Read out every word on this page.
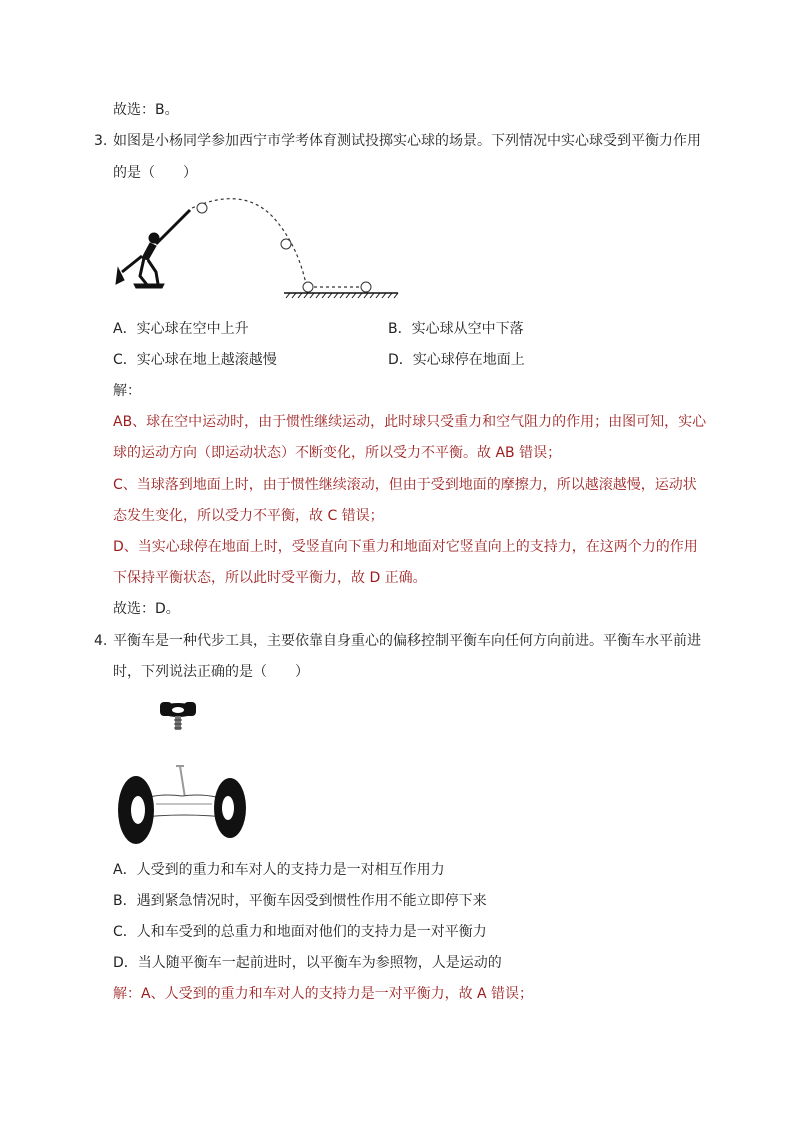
故选：B。
3. 如图是小杨同学参加西宁市学考体育测试投掷实心球的场景。下列情况中实心球受到平衡力作用
的是（　　）
A．实心球在空中上升	B．实心球从空中下落
C．实心球在地上越滚越慢	D．实心球停在地面上
解：
AB、球在空中运动时，由于惯性继续运动，此时球只受重力和空气阻力的作用；由图可知，实心
球的运动方向（即运动状态）不断变化，所以受力不平衡。故 AB 错误；
C、当球落到地面上时，由于惯性继续滚动，但由于受到地面的摩擦力，所以越滚越慢，运动状
态发生变化，所以受力不平衡，故 C 错误；
D、当实心球停在地面上时，受竖直向下重力和地面对它竖直向上的支持力，在这两个力的作用
下保持平衡状态，所以此时受平衡力，故 D 正确。
故选：D。
4. 平衡车是一种代步工具，主要依靠自身重心的偏移控制平衡车向任何方向前进。平衡车水平前进
时，下列说法正确的是（　　）
A．人受到的重力和车对人的支持力是一对相互作用力
B．遇到紧急情况时，平衡车因受到惯性作用不能立即停下来
C．人和车受到的总重力和地面对他们的支持力是一对平衡力
D．当人随平衡车一起前进时，以平衡车为参照物，人是运动的
解：A、人受到的重力和车对人的支持力是一对平衡力，故 A 错误；
